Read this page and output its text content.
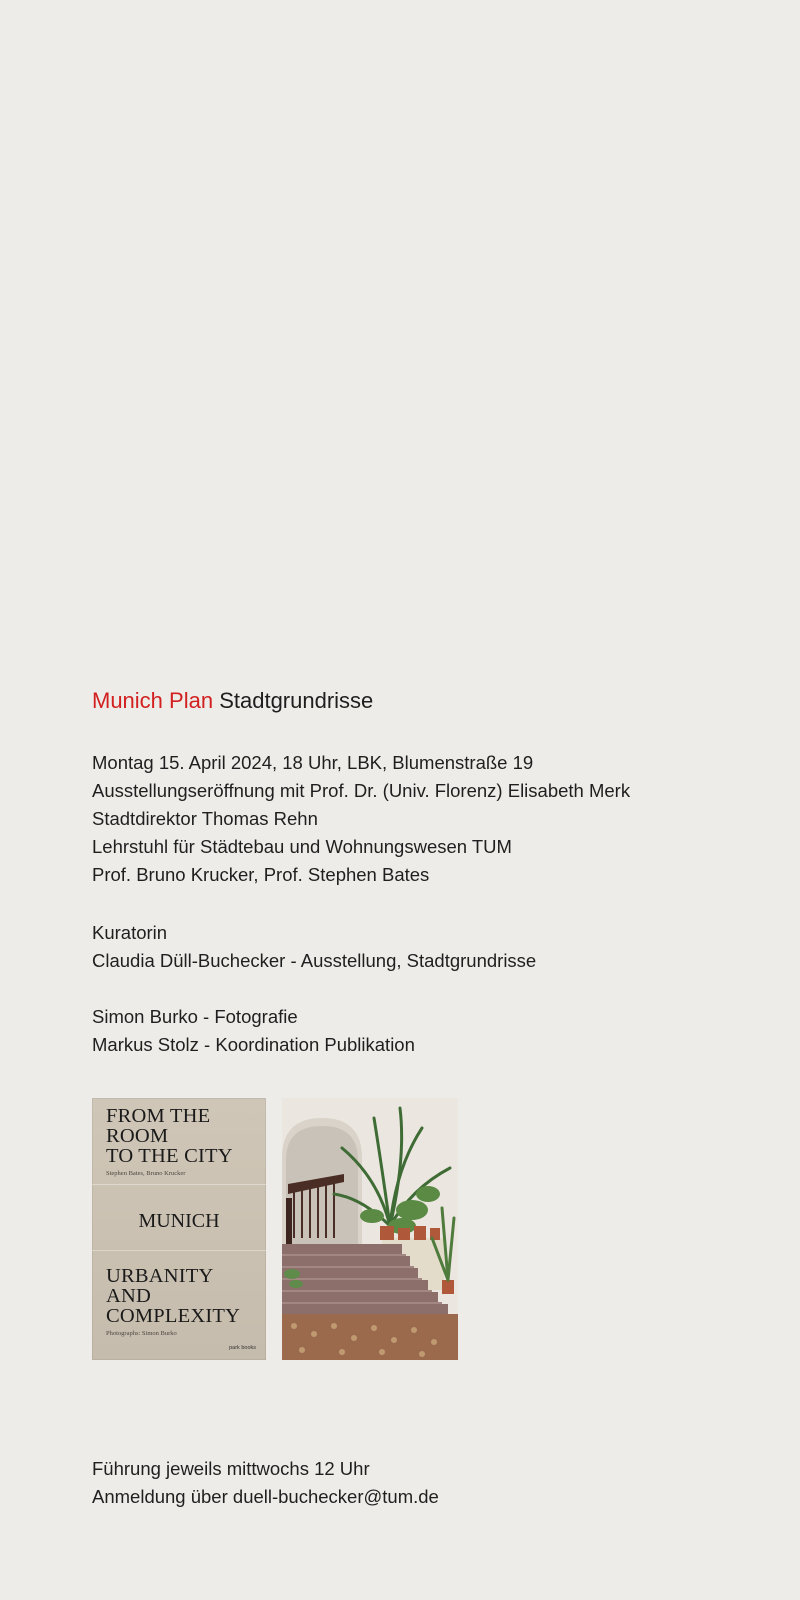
Munich Plan Stadtgrundrisse
Montag 15. April 2024, 18 Uhr, LBK, Blumenstraße 19
Ausstellungseröffnung mit Prof. Dr. (Univ. Florenz) Elisabeth Merk
Stadtdirektor Thomas Rehn
Lehrstuhl für Städtebau und Wohnungswesen TUM
Prof. Bruno Krucker, Prof. Stephen Bates
Kuratorin
Claudia Düll-Buchecker - Ausstellung, Stadtgrundrisse
Simon Burko - Fotografie
Markus Stolz - Koordination Publikation
FROM THE
ROOM
TO THE CITY
Stephen Bates, Bruno Krucker
MUNICH
URBANITY
AND
COMPLEXITY
Photographs: Simon Burko
park books
Führung jeweils mittwochs 12 Uhr
Anmeldung über duell-buchecker@tum.de
